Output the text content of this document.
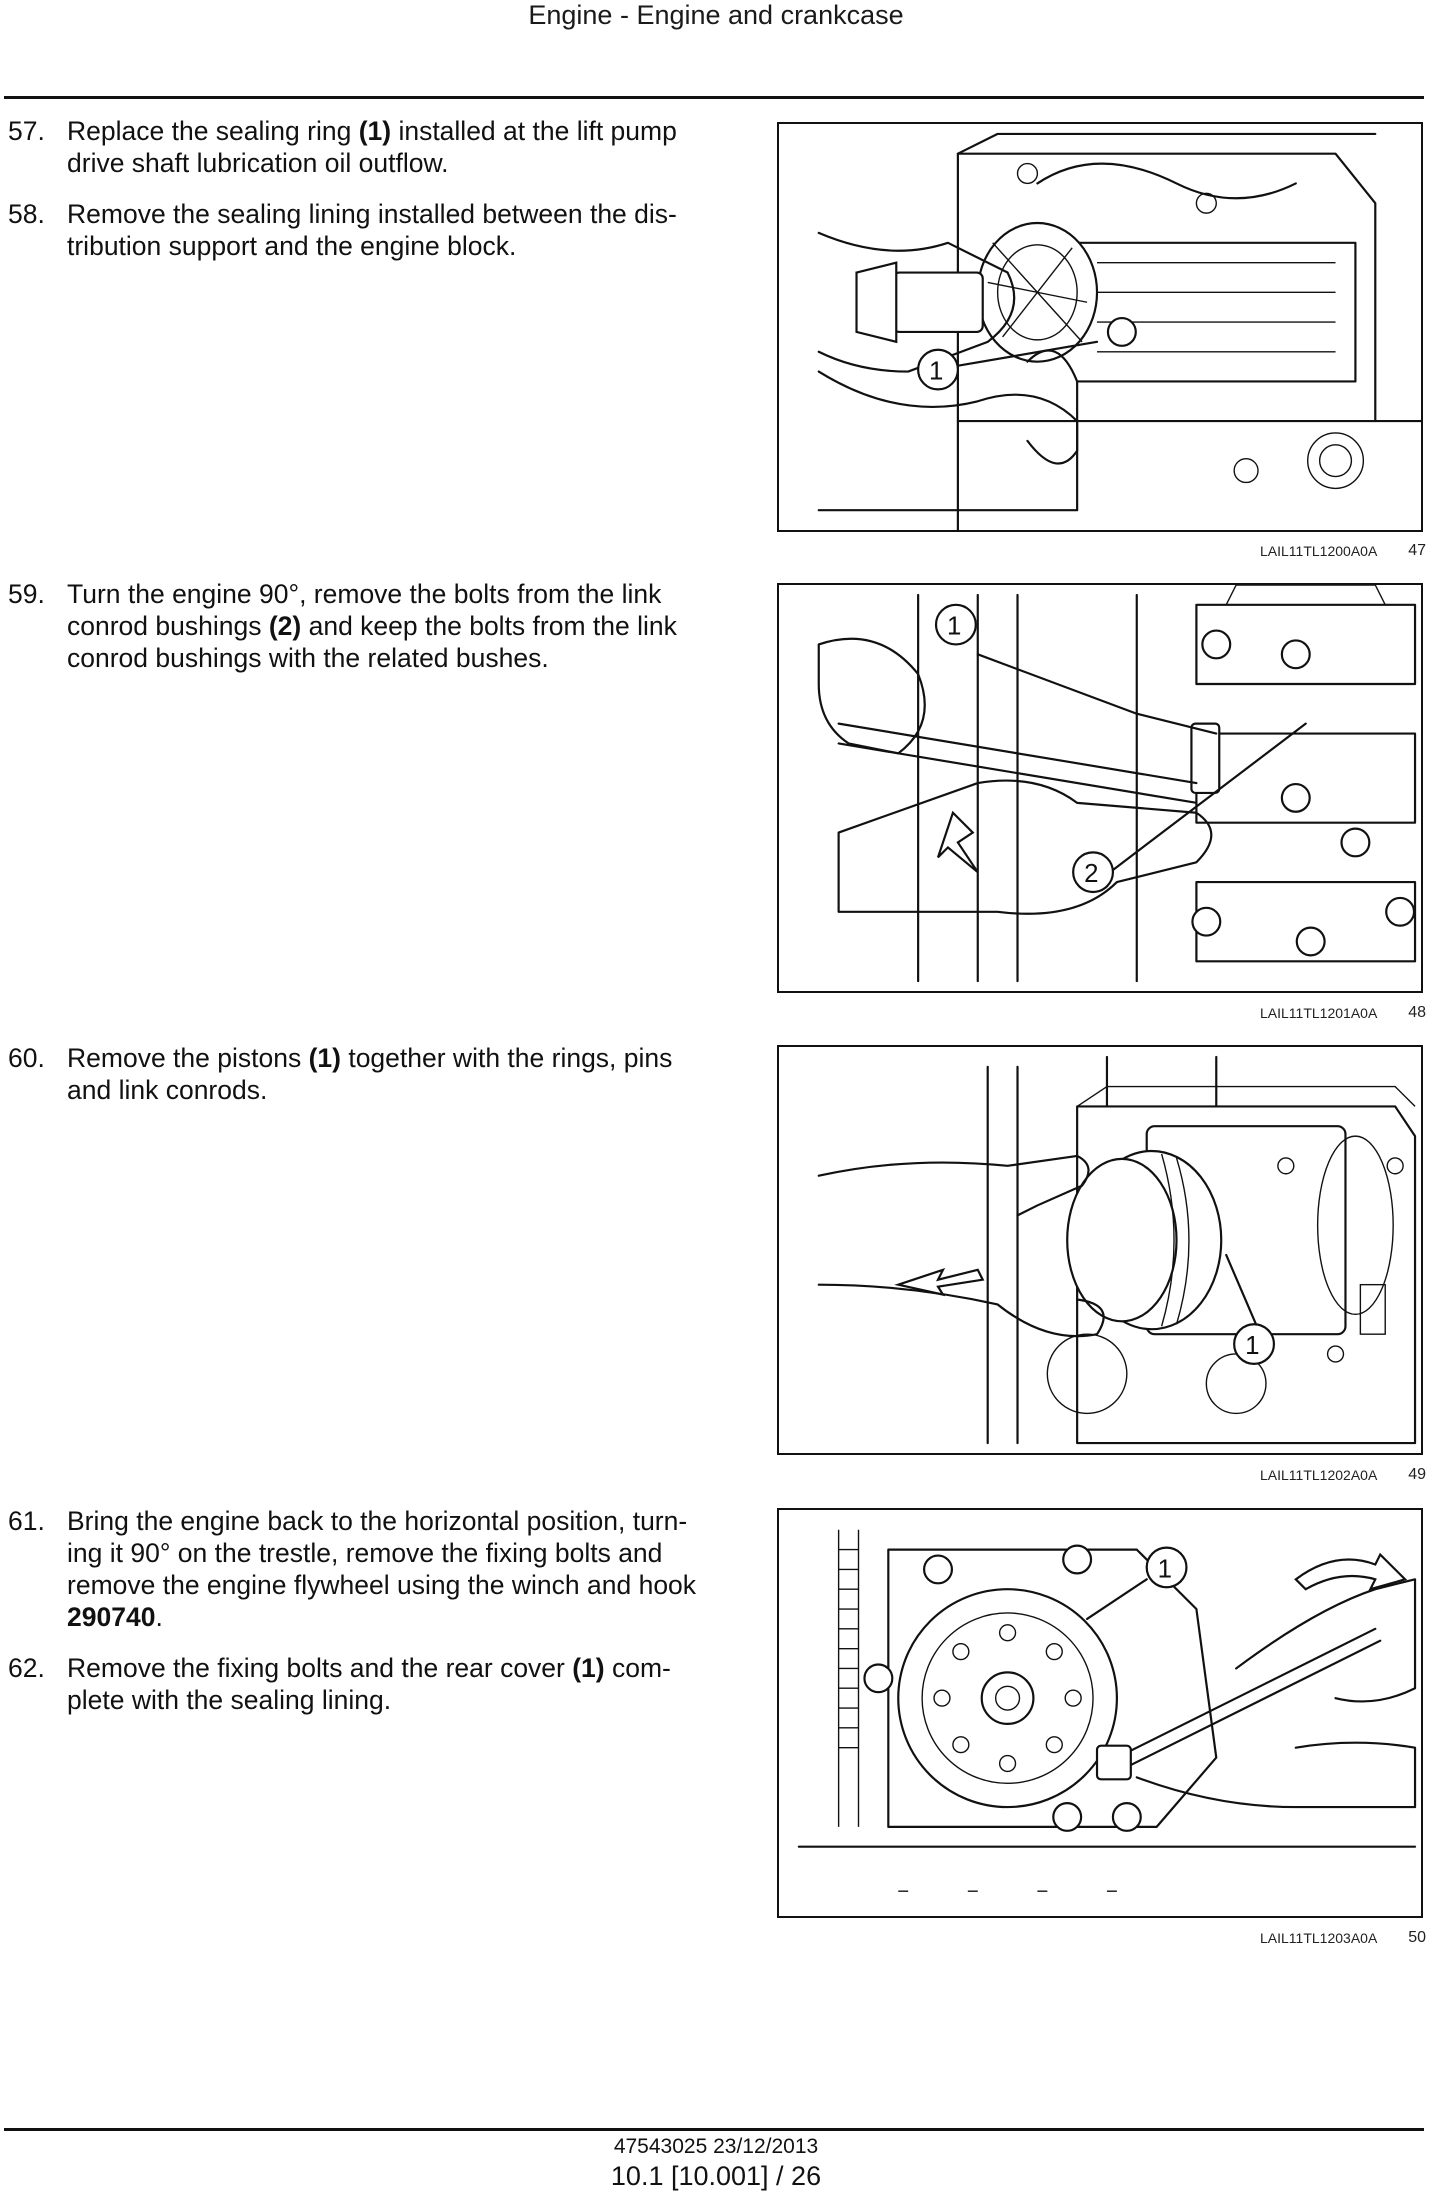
Engine - Engine and crankcase
57. Replace the sealing ring (1) installed at the lift pump drive shaft lubrication oil outflow.
58. Remove the sealing lining installed between the dis-tribution support and the engine block.
59. Turn the engine 90°, remove the bolts from the link conrod bushings (2) and keep the bolts from the link conrod bushings with the related bushes.
60. Remove the pistons (1) together with the rings, pins and link conrods.
61. Bring the engine back to the horizontal position, turn-ing it 90° on the trestle, remove the fixing bolts and remove the engine flywheel using the winch and hook 290740.
62. Remove the fixing bolts and the rear cover (1) com-plete with the sealing lining.
1
LAIL11TL1200A0A 47
1
2
LAIL11TL1201A0A 48
1
LAIL11TL1202A0A 49
1
LAIL11TL1203A0A 50
47543025 23/12/2013
10.1 [10.001] / 26
